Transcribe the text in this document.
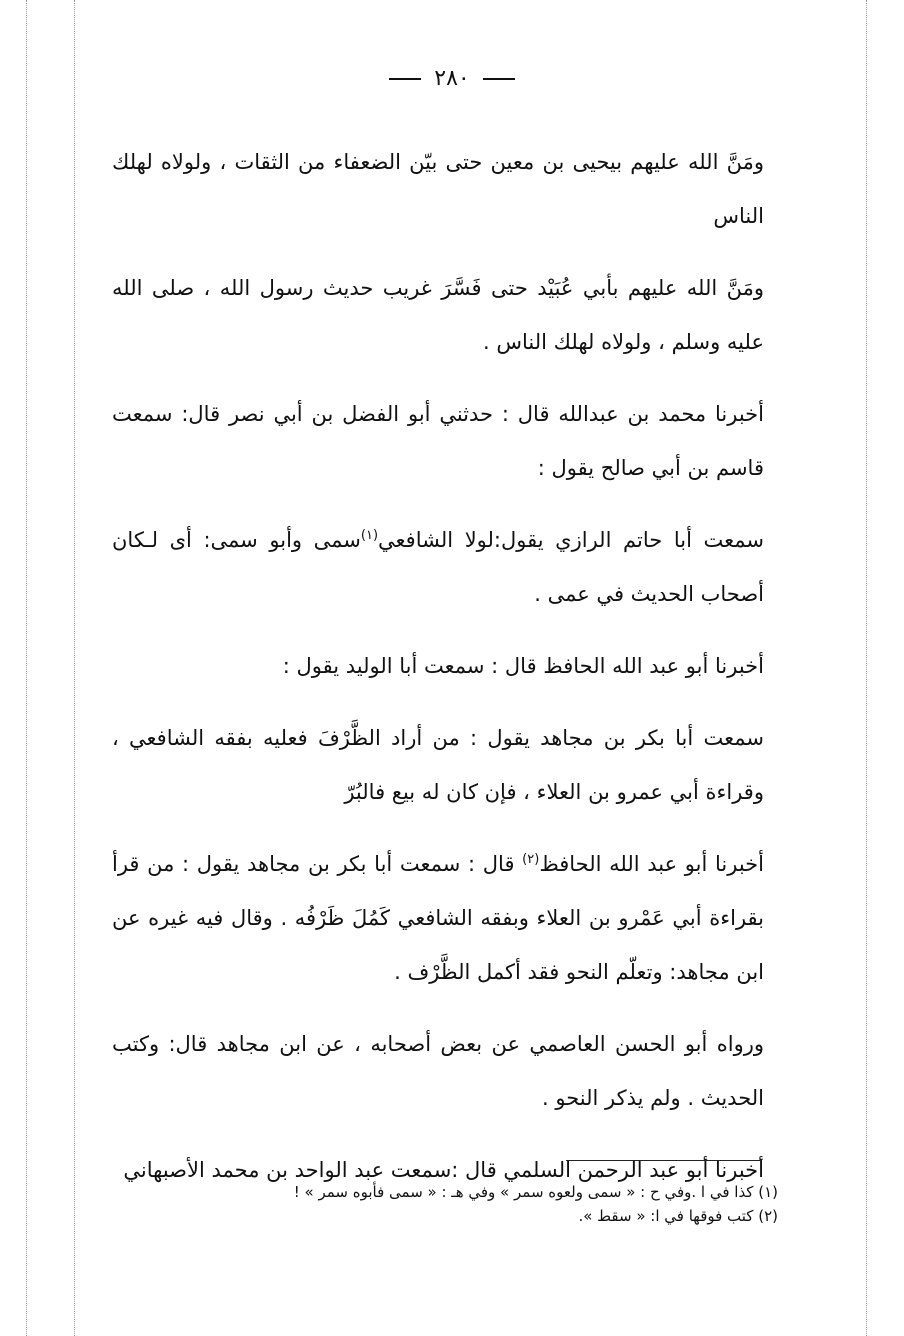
٢٨٠

ومَنَّ الله عليهم بيحيى بن معين حتى بيّن الضعفاء من الثقات ، ولولاه لهلك الناس

ومَنَّ الله عليهم بأبي عُبَيْد حتى فَسَّرَ غريب حديث رسول الله ، صلى الله عليه وسلم ، ولولاه لهلك الناس .

أخبرنا محمد بن عبدالله قال : حدثني أبو الفضل بن أبي نصر قال: سمعت قاسم بن أبي صالح يقول :

سمعت أبا حاتم الرازي يقول:لولا الشافعي$^{(١)}$سمى وأبو سمى: أى لـكان أصحاب الحديث في عمى .

أخبرنا أبو عبد الله الحافظ قال : سمعت أبا الوليد يقول :

سمعت أبا بكر بن مجاهد يقول : من أراد الظَّرْفَ فعليه بفقه الشافعي ، وقراءة أبي عمرو بن العلاء ، فإن كان له بيع فالبُرّ

أخبرنا أبو عبد الله الحافظ$^{(٢)}$ قال : سمعت أبا بكر بن مجاهد يقول : من قرأ بقراءة أبي عَمْرو بن العلاء وبفقه الشافعي كَمُلَ ظَرْفُه . وقال فيه غيره عن ابن مجاهد: وتعلّم النحو فقد أكمل الظَّرْف .

ورواه أبو الحسن العاصمي عن بعض أصحابه ، عن ابن مجاهد قال: وكتب الحديث . ولم يذكر النحو .

أخبرنا أبو عبد الرحمن السلمي قال :سمعت عبد الواحد بن محمد الأصبهاني

(١) كذا في ا .وفي ح : « سمى ولعوه سمر » وفي هـ : « سمى فأبوه سمر » !

(٢) كتب فوقها في ا: « سقط ».
